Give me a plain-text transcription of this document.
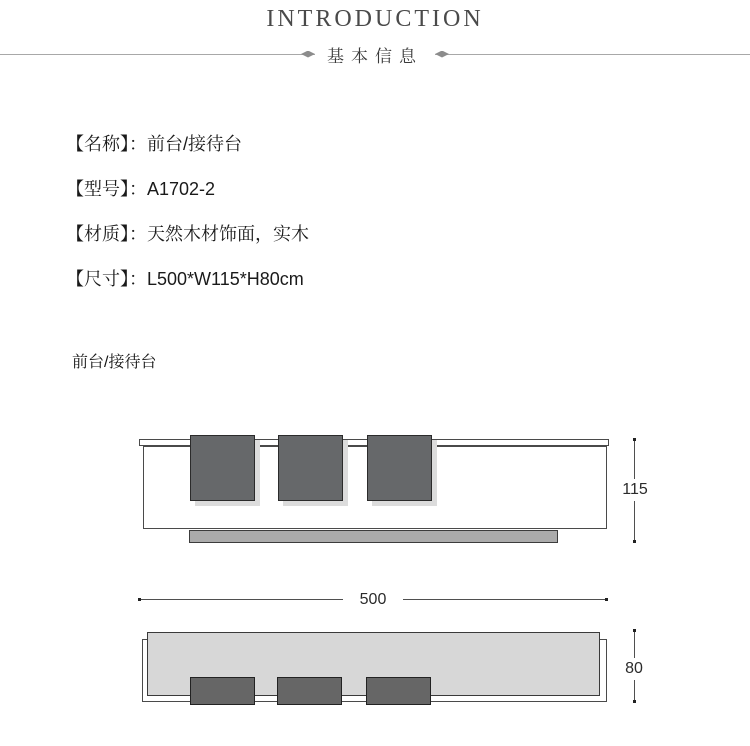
INTRODUCTION
基本信息
【名称】：前台/接待台
【型号】：A1702-2
【材质】：天然木材饰面，实木
【尺寸】：L500*W115*H80cm
前台/接待台
115
500
80
